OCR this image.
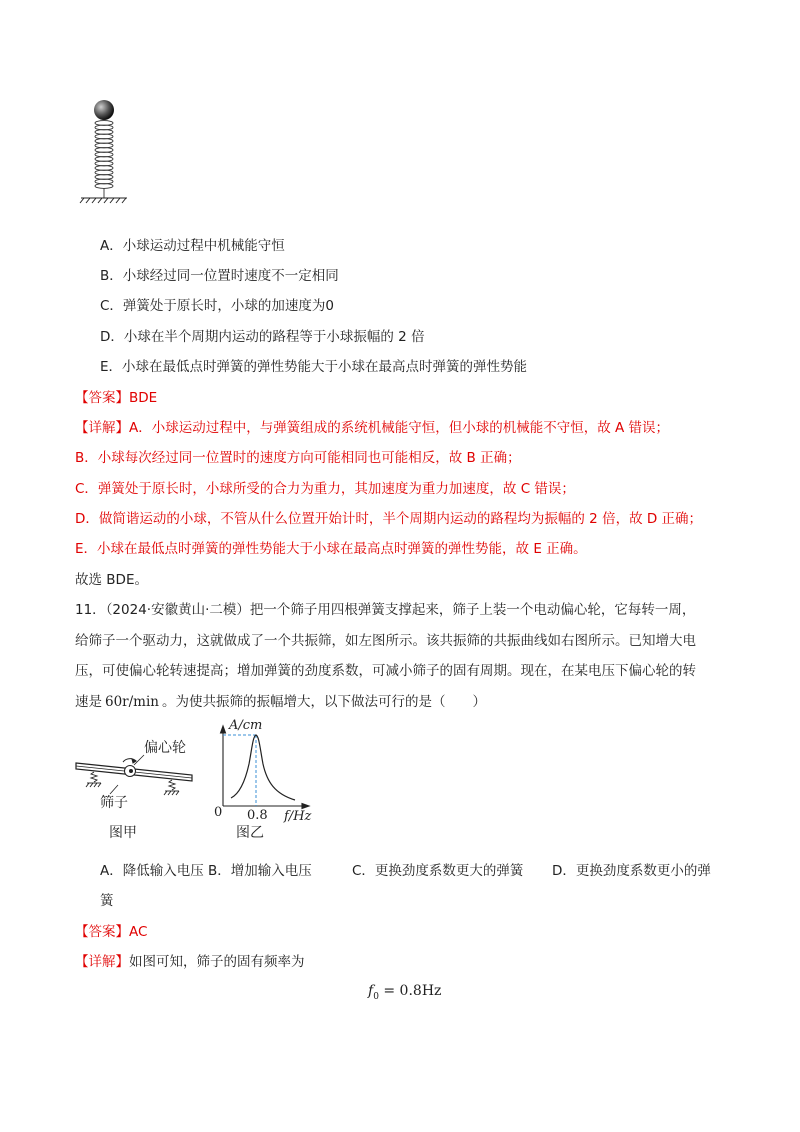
A．小球运动过程中机械能守恒
B．小球经过同一位置时速度不一定相同
C．弹簧处于原长时，小球的加速度为0
D．小球在半个周期内运动的路程等于小球振幅的 2 倍
E．小球在最低点时弹簧的弹性势能大于小球在最高点时弹簧的弹性势能
【答案】BDE
【详解】A．小球运动过程中，与弹簧组成的系统机械能守恒，但小球的机械能不守恒，故 A 错误；
B．小球每次经过同一位置时的速度方向可能相同也可能相反，故 B 正确；
C．弹簧处于原长时，小球所受的合力为重力，其加速度为重力加速度，故 C 错误；
D．做简谐运动的小球，不管从什么位置开始计时，半个周期内运动的路程均为振幅的 2 倍，故 D 正确；
E．小球在最低点时弹簧的弹性势能大于小球在最高点时弹簧的弹性势能，故 E 正确。
故选 BDE。
11．（2024·安徽黄山·二模）把一个筛子用四根弹簧支撑起来，筛子上装一个电动偏心轮，它每转一周，
给筛子一个驱动力，这就做成了一个共振筛，如左图所示。该共振筛的共振曲线如右图所示。已知增大电
压，可使偏心轮转速提高；增加弹簧的劲度系数，可减小筛子的固有周期。现在，在某电压下偏心轮的转
速是 60r/min 。为使共振筛的振幅增大，以下做法可行的是（　　）
偏心轮
筛子
图甲
A/cm
0 0.8 f/Hz
图乙
A．降低输入电压 B．增加输入电压	C．更换劲度系数更大的弹簧 D．更换劲度系数更小的弹
簧
【答案】AC
【详解】如图可知，筛子的固有频率为
$f_0 = 0.8Hz$
